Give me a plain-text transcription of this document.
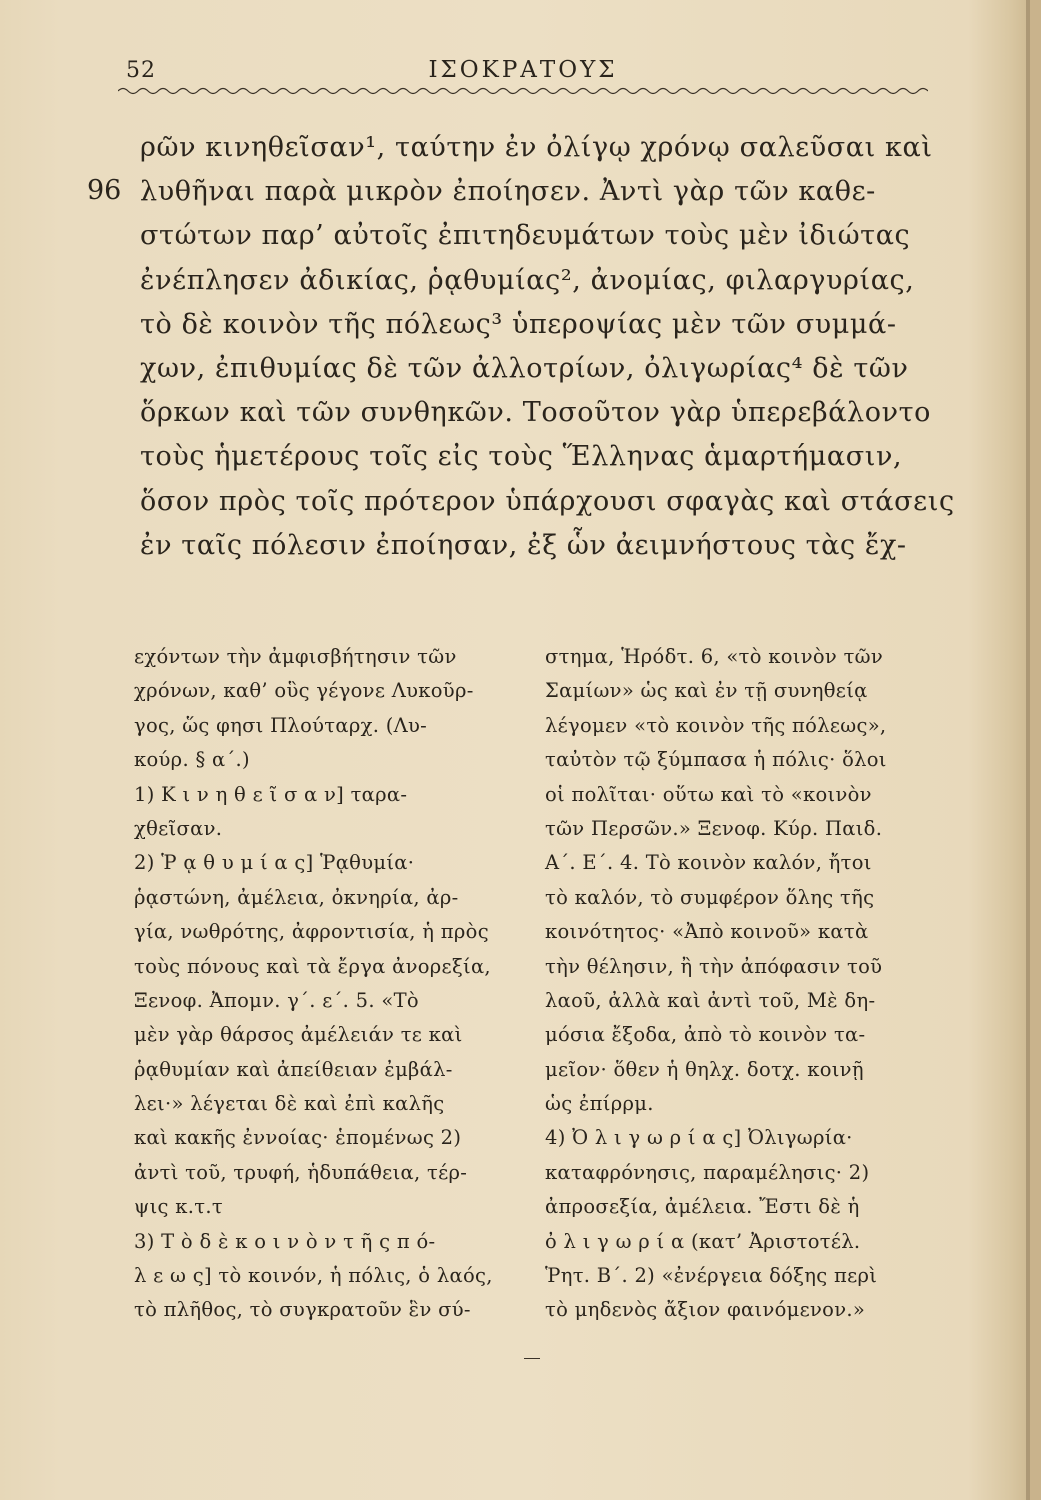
52	ΙΣΟΚΡΑΤΟΥΣ
96
ρῶν κινηθεῖσαν¹, ταύτην ἐν ὀλίγῳ χρόνῳ σαλεῦσαι καὶ
λυθῆναι παρὰ μικρὸν ἐποίησεν. Ἀντὶ γὰρ τῶν καθε-
στώτων παρ’ αὐτοῖς ἐπιτηδευμάτων τοὺς μὲν ἰδιώτας
ἐνέπλησεν ἀδικίας, ῥᾳθυμίας², ἀνομίας, φιλαργυρίας,
τὸ δὲ κοινὸν τῆς πόλεως³ ὑπεροψίας μὲν τῶν συμμά-
χων, ἐπιθυμίας δὲ τῶν ἀλλοτρίων, ὀλιγωρίας⁴ δὲ τῶν
ὅρκων καὶ τῶν συνθηκῶν. Τοσοῦτον γὰρ ὑπερεβάλοντο
τοὺς ἡμετέρους τοῖς εἰς τοὺς Ἕλληνας ἁμαρτήμασιν,
ὅσον πρὸς τοῖς πρότερον ὑπάρχουσι σφαγὰς καὶ στάσεις
ἐν ταῖς πόλεσιν ἐποίησαν, ἐξ ὧν ἀειμνήστους τὰς ἔχ-
εχόντων τὴν ἀμφισβήτησιν τῶν
χρόνων, καθ’ οὓς γέγονε Λυκοῦρ-
γος, ὥς φησι Πλούταρχ. (Λυ-
κούρ. § α΄.)
1) Κ ι ν η θ ε ῖ σ α ν] ταρα-
χθεῖσαν.
2) Ῥ ᾳ θ υ μ ί α ς] Ῥᾳθυμία·
ῥᾳστώνη, ἀμέλεια, ὀκνηρία, ἀρ-
γία, νωθρότης, ἀφροντισία, ἡ πρὸς
τοὺς πόνους καὶ τὰ ἔργα ἀνορεξία,
Ξενοφ. Ἀπομν. γ΄. ε΄. 5. «Τὸ
μὲν γὰρ θάρσος ἀμέλειάν τε καὶ
ῥᾳθυμίαν καὶ ἀπείθειαν ἐμβάλ-
λει·» λέγεται δὲ καὶ ἐπὶ καλῆς
καὶ κακῆς ἐννοίας· ἑπομένως 2)
ἀντὶ τοῦ, τρυφή, ἡδυπάθεια, τέρ-
ψις κ.τ.τ
3) Τ ὸ δ ὲ κ ο ι ν ὸ ν τ ῆ ς π ό-
λ ε ω ς] τὸ κοινόν, ἡ πόλις, ὁ λαός,
τὸ πλῆθος, τὸ συγκρατοῦν ἓν σύ-
στημα, Ἡρόδτ. 6, «τὸ κοινὸν τῶν
Σαμίων» ὡς καὶ ἐν τῇ συνηθείᾳ
λέγομεν «τὸ κοινὸν τῆς πόλεως»,
ταὐτὸν τῷ ξύμπασα ἡ πόλις· ὅλοι
οἱ πολῖται· οὕτω καὶ τὸ «κοινὸν
τῶν Περσῶν.» Ξενοφ. Κύρ. Παιδ.
Α΄. Ε΄. 4. Τὸ κοινὸν καλόν, ἤτοι
τὸ καλόν, τὸ συμφέρον ὅλης τῆς
κοινότητος· «Ἀπὸ κοινοῦ» κατὰ
τὴν θέλησιν, ἢ τὴν ἀπόφασιν τοῦ
λαοῦ, ἀλλὰ καὶ ἀντὶ τοῦ, Μὲ δη-
μόσια ἔξοδα, ἀπὸ τὸ κοινὸν τα-
μεῖον· ὅθεν ἡ θηλχ. δοτχ. κοινῇ
ὡς ἐπίρρμ.
4) Ὀ λ ι γ ω ρ ί α ς] Ὀλιγωρία·
καταφρόνησις, παραμέλησις· 2)
ἀπροσεξία, ἀμέλεια. Ἔστι δὲ ἡ
ὀ λ ι γ ω ρ ί α (κατ’ Ἀριστοτέλ.
Ῥητ. Β΄. 2) «ἐνέργεια δόξης περὶ
τὸ μηδενὸς ἄξιον φαινόμενον.»
